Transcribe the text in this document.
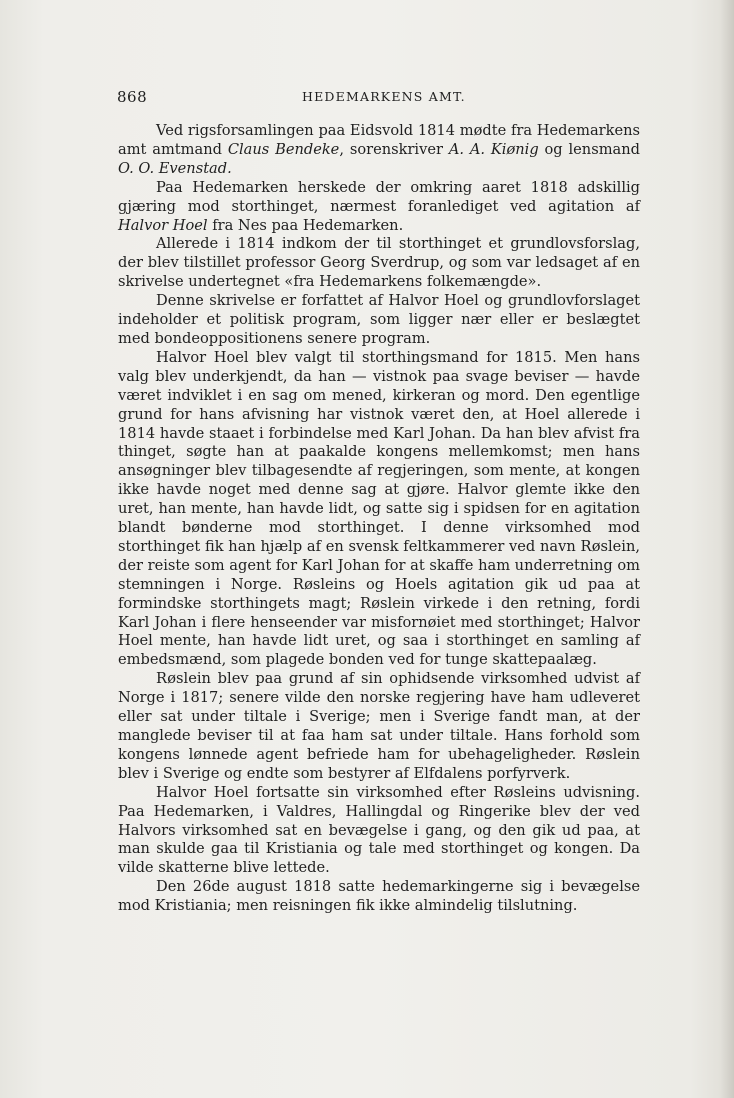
868	HEDEMARKENS AMT.

Ved rigsforsamlingen paa Eidsvold 1814 mødte fra Hedemarkens amt amtmand Claus Bendeke, sorenskriver A. A. Kiønig og lensmand O. O. Evenstad.

Paa Hedemarken herskede der omkring aaret 1818 adskillig gjæring mod storthinget, nærmest foranlediget ved agitation af Halvor Hoel fra Nes paa Hedemarken.

Allerede i 1814 indkom der til storthinget et grundlovsforslag, der blev tilstillet professor Georg Sverdrup, og som var ledsaget af en skrivelse undertegnet «fra Hedemarkens folkemængde».

Denne skrivelse er forfattet af Halvor Hoel og grundlovforslaget indeholder et politisk program, som ligger nær eller er beslægtet med bondeoppositionens senere program.

Halvor Hoel blev valgt til storthingsmand for 1815. Men hans valg blev underkjendt, da han — vistnok paa svage beviser — havde været indviklet i en sag om mened, kirkeran og mord. Den egentlige grund for hans afvisning har vistnok været den, at Hoel allerede i 1814 havde staaet i forbindelse med Karl Johan. Da han blev afvist fra thinget, søgte han at paakalde kongens mellemkomst; men hans ansøgninger blev tilbagesendte af regjeringen, som mente, at kongen ikke havde noget med denne sag at gjøre. Halvor glemte ikke den uret, han mente, han havde lidt, og satte sig i spidsen for en agitation blandt bønderne mod storthinget. I denne virksomhed mod storthinget fik han hjælp af en svensk feltkammerer ved navn Røslein, der reiste som agent for Karl Johan for at skaffe ham underretning om stemningen i Norge. Røsleins og Hoels agitation gik ud paa at formindske storthingets magt; Røslein virkede i den retning, fordi Karl Johan i flere henseender var misfornøiet med storthinget; Halvor Hoel mente, han havde lidt uret, og saa i storthinget en samling af embedsmænd, som plagede bonden ved for tunge skattepaalæg.

Røslein blev paa grund af sin ophidsende virksomhed udvist af Norge i 1817; senere vilde den norske regjering have ham udleveret eller sat under tiltale i Sverige; men i Sverige fandt man, at der manglede beviser til at faa ham sat under tiltale. Hans forhold som kongens lønnede agent befriede ham for ubehageligheder. Røslein blev i Sverige og endte som bestyrer af Elfdalens porfyrverk.

Halvor Hoel fortsatte sin virksomhed efter Røsleins udvisning. Paa Hedemarken, i Valdres, Hallingdal og Ringerike blev der ved Halvors virksomhed sat en bevægelse i gang, og den gik ud paa, at man skulde gaa til Kristiania og tale med storthinget og kongen. Da vilde skatterne blive lettede.

Den 26de august 1818 satte hedemarkingerne sig i bevægelse mod Kristiania; men reisningen fik ikke almindelig tilslutning.
